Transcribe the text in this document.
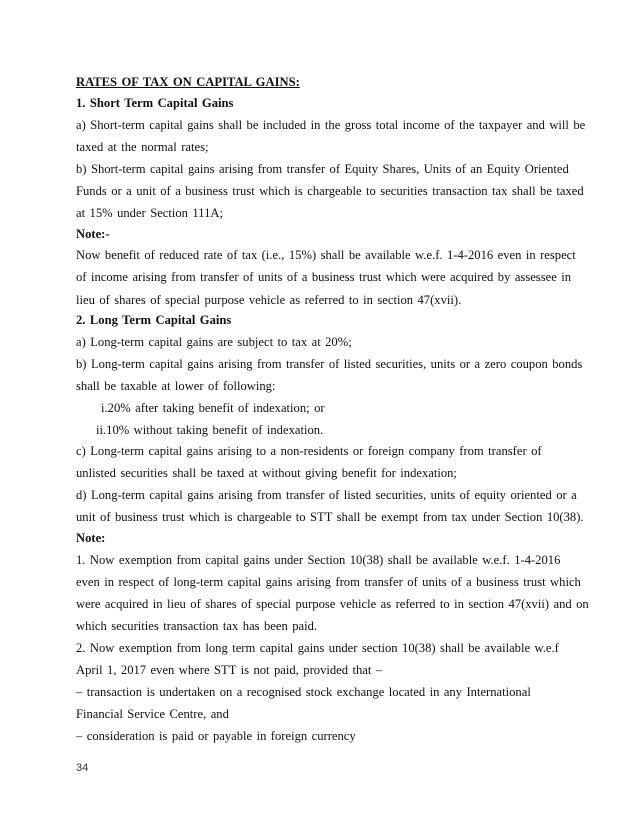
RATES OF TAX ON CAPITAL GAINS:
1. Short Term Capital Gains
a) Short-term capital gains shall be included in the gross total income of the taxpayer and will be
taxed at the normal rates;
b) Short-term capital gains arising from transfer of Equity Shares, Units of an Equity Oriented
Funds or a unit of a business trust which is chargeable to securities transaction tax shall be taxed
at 15% under Section 111A;
Note:-
Now benefit of reduced rate of tax (i.e., 15%) shall be available w.e.f. 1-4-2016 even in respect
of income arising from transfer of units of a business trust which were acquired by assessee in
lieu of shares of special purpose vehicle as referred to in section 47(xvii).
2. Long Term Capital Gains
a) Long-term capital gains are subject to tax at 20%;
b) Long-term capital gains arising from transfer of listed securities, units or a zero coupon bonds
shall be taxable at lower of following:
i.20% after taking benefit of indexation; or
ii.10% without taking benefit of indexation.
c) Long-term capital gains arising to a non-residents or foreign company from transfer of
unlisted securities shall be taxed at without giving benefit for indexation;
d) Long-term capital gains arising from transfer of listed securities, units of equity oriented or a
unit of business trust which is chargeable to STT shall be exempt from tax under Section 10(38).
Note:
1. Now exemption from capital gains under Section 10(38) shall be available w.e.f. 1-4-2016
even in respect of long-term capital gains arising from transfer of units of a business trust which
were acquired in lieu of shares of special purpose vehicle as referred to in section 47(xvii) and on
which securities transaction tax has been paid.
2. Now exemption from long term capital gains under section 10(38) shall be available w.e.f
April 1, 2017 even where STT is not paid, provided that –
– transaction is undertaken on a recognised stock exchange located in any International
Financial Service Centre, and
– consideration is paid or payable in foreign currency
34
